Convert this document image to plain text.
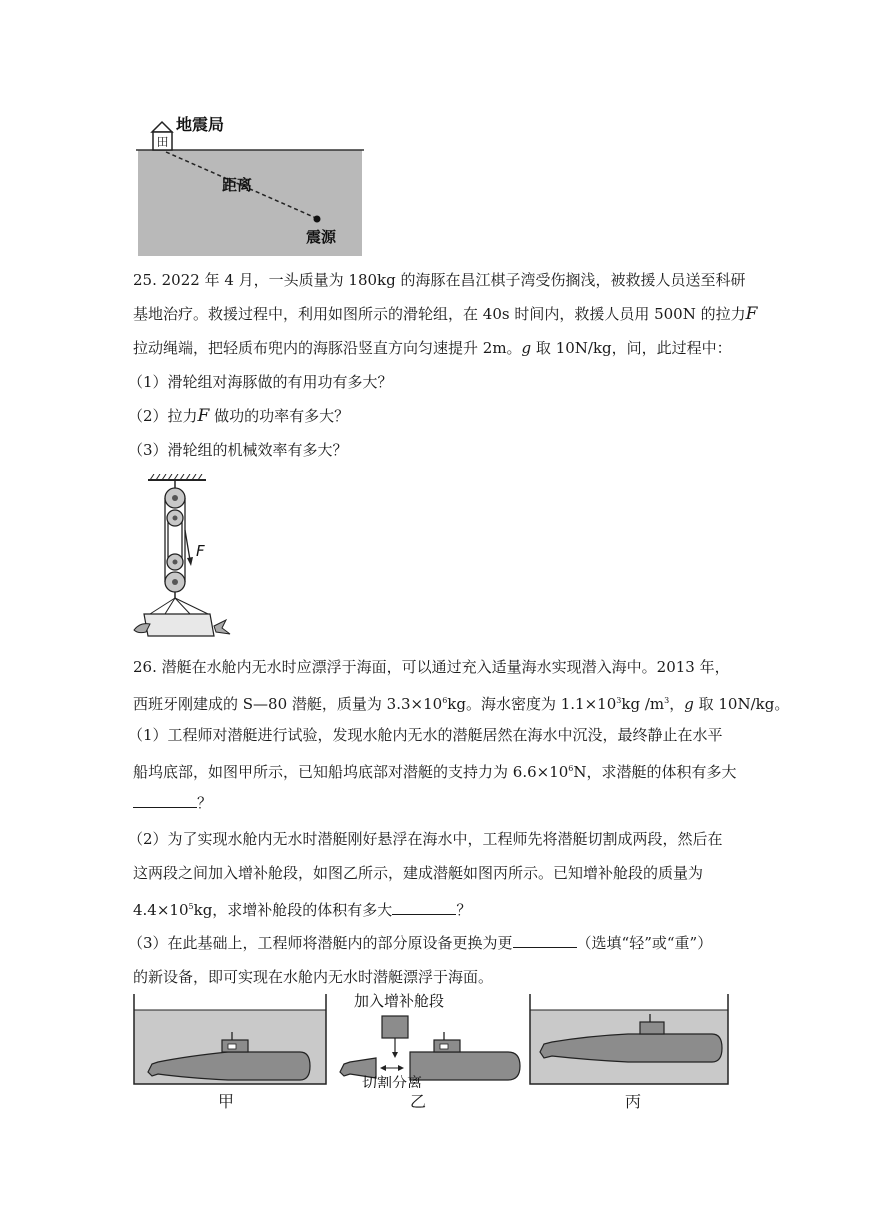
田
地震局
距离
震源
25. 2022 年 4 月，一头质量为 180kg 的海豚在昌江棋子湾受伤搁浅，被救援人员送至科研
基地治疗。救援过程中，利用如图所示的滑轮组，在 40s 时间内，救援人员用 500N 的拉力F
拉动绳端，把轻质布兜内的海豚沿竖直方向匀速提升 2m。g 取 10N/kg，问，此过程中：
（1）滑轮组对海豚做的有用功有多大？
（2）拉力F 做功的功率有多大？
（3）滑轮组的机械效率有多大？
F
26. 潜艇在水舱内无水时应漂浮于海面，可以通过充入适量海水实现潜入海中。2013 年，
西班牙刚建成的 S—80 潜艇，质量为 $3.3\times 10^6kg$。海水密度为 $1.1\times 10^3kg$ $/m^3$，g 取 10N/kg。
（1）工程师对潜艇进行试验，发现水舱内无水的潜艇居然在海水中沉没，最终静止在水平
船坞底部，如图甲所示，已知船坞底部对潜艇的支持力为 $6.6\times 10^6N$，求潜艇的体积有多大
？
（2）为了实现水舱内无水时潜艇刚好悬浮在海水中，工程师先将潜艇切割成两段，然后在
这两段之间加入增补舱段，如图乙所示，建成潜艇如图丙所示。已知增补舱段的质量为
$4.4\times 10^5kg$，求增补舱段的体积有多大	？
（3）在此基础上，工程师将潜艇内的部分原设备更换为更	（选填“轻”或“重”）
的新设备，即可实现在水舱内无水时潜艇漂浮于海面。
加入增补舱段
切割分离
甲	乙	丙
